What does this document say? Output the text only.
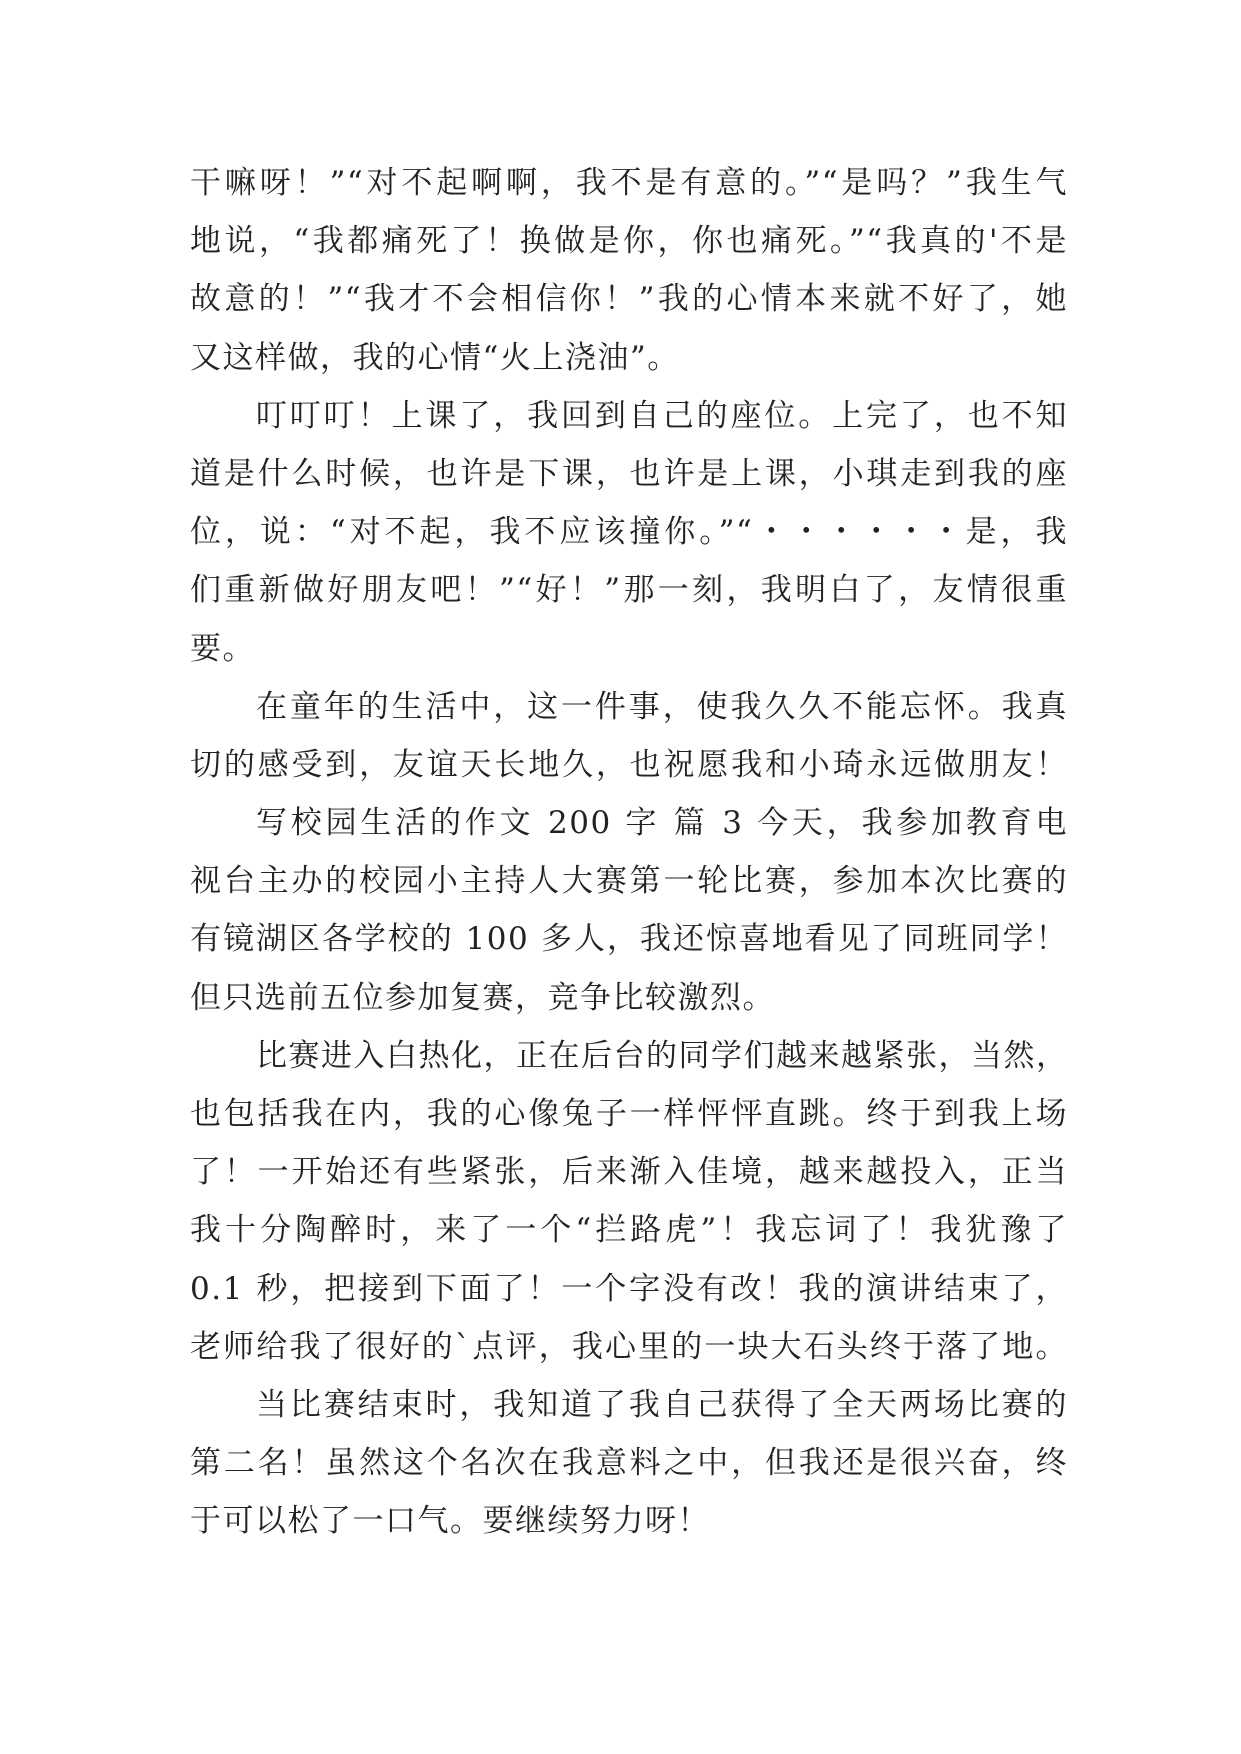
干嘛呀！”“对不起啊啊，我不是有意的。”“是吗？”我生气
地说，“我都痛死了！换做是你，你也痛死。”“我真的'不是
故意的！”“我才不会相信你！”我的心情本来就不好了，她
又这样做，我的心情“火上浇油”。
叮叮叮！上课了，我回到自己的座位。上完了，也不知
道是什么时候，也许是下课，也许是上课，小琪走到我的座
位，说：“对不起，我不应该撞你。”“・・・・・・是，我
们重新做好朋友吧！”“好！”那一刻，我明白了，友情很重
要。
在童年的生活中，这一件事，使我久久不能忘怀。我真
切的感受到，友谊天长地久，也祝愿我和小琦永远做朋友！
写校园生活的作文 200 字 篇 3 今天，我参加教育电
视台主办的校园小主持人大赛第一轮比赛，参加本次比赛的
有镜湖区各学校的 100 多人，我还惊喜地看见了同班同学！
但只选前五位参加复赛，竞争比较激烈。
比赛进入白热化，正在后台的同学们越来越紧张，当然，
也包括我在内，我的心像兔子一样怦怦直跳。终于到我上场
了！一开始还有些紧张，后来渐入佳境，越来越投入，正当
我十分陶醉时，来了一个“拦路虎”！我忘词了！我犹豫了
0.1 秒，把接到下面了！一个字没有改！我的演讲结束了，
老师给我了很好的`点评，我心里的一块大石头终于落了地。
当比赛结束时，我知道了我自己获得了全天两场比赛的
第二名！虽然这个名次在我意料之中，但我还是很兴奋，终
于可以松了一口气。要继续努力呀！
